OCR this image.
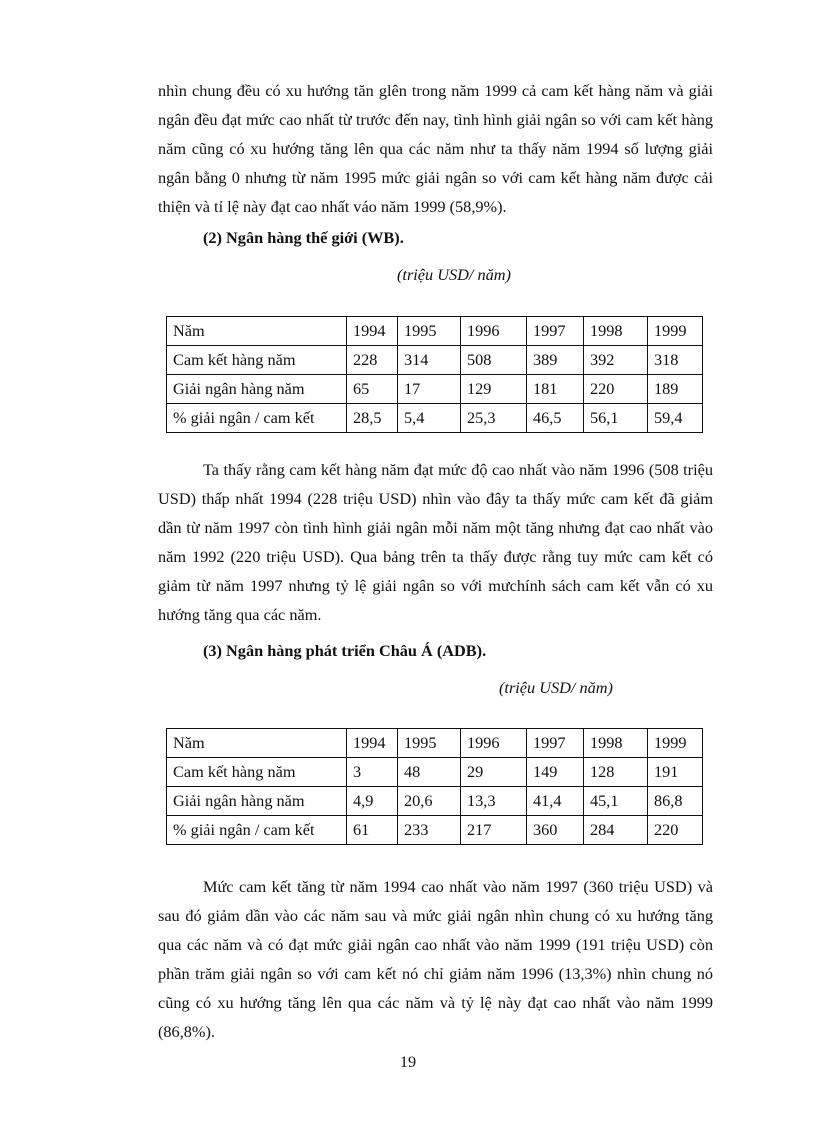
nhìn chung đều có xu hướng tăn glên trong năm 1999 cả cam kết hàng năm và giải ngân đều đạt mức cao nhất từ trước đến nay, tình hình giải ngân so với cam kết hàng năm cũng có xu hướng tăng lên qua các năm như ta thấy năm 1994 số lượng giải ngân bằng 0 nhưng từ năm 1995 mức giải ngân so với cam kết hàng năm được cải thiện và tỉ lệ này đạt cao nhất váo năm 1999 (58,9%).

(2) Ngân hàng thế giới (WB).

(triệu USD/ năm)

Năm	1994	1995	1996	1997	1998	1999
Cam kết hàng năm	228	314	508	389	392	318
Giải ngân hàng năm	65	17	129	181	220	189
% giải ngân / cam kết	28,5	5,4	25,3	46,5	56,1	59,4

Ta thấy rằng cam kết hàng năm đạt mức độ cao nhất vào năm 1996 (508 triệu USD) thấp nhất 1994 (228 triệu USD) nhìn vào đây ta thấy mức cam kết đã giảm dần từ năm 1997 còn tình hình giải ngân mỗi năm một tăng nhưng đạt cao nhất vào năm 1992 (220 triệu USD). Qua bảng trên ta thấy được rằng tuy mức cam kết có giảm từ năm 1997 nhưng tỷ lệ giải ngân so với mưchính sách cam kết vẫn có xu hướng tăng qua các năm.

(3) Ngân hàng phát triển Châu Á (ADB).

(triệu USD/ năm)

Năm	1994	1995	1996	1997	1998	1999
Cam kết hàng năm	3	48	29	149	128	191
Giải ngân hàng năm	4,9	20,6	13,3	41,4	45,1	86,8
% giải ngân / cam kết	61	233	217	360	284	220

Mức cam kết tăng từ năm 1994 cao nhất vào năm 1997 (360 triệu USD) và sau đó giảm dần vào các năm sau và mức giải ngân nhìn chung có xu hướng tăng qua các năm và có đạt mức giải ngân cao nhất vào năm 1999 (191 triệu USD) còn phần trăm giải ngân so với cam kết nó chỉ giảm năm 1996 (13,3%) nhìn chung nó cũng có xu hướng tăng lên qua các năm và tỷ lệ này đạt cao nhất vào năm 1999 (86,8%).

19
